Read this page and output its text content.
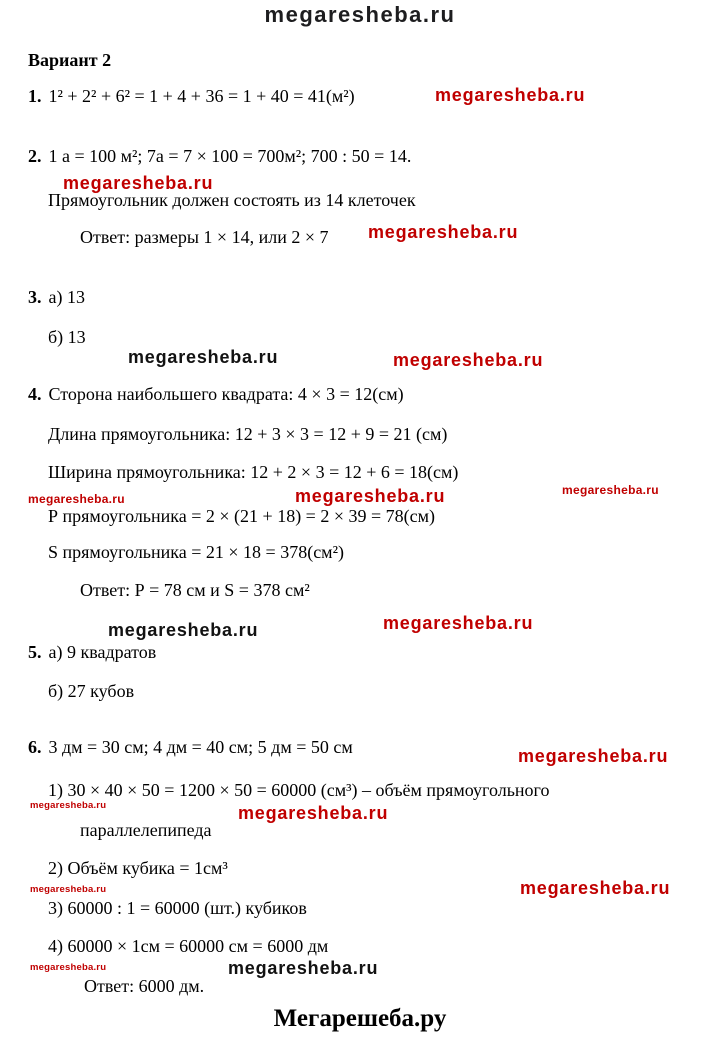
megaresheba.ru
Вариант 2
1. 1² + 2² + 6² = 1 + 4 + 36 = 1 + 40 = 41(м²)
2. 1 а = 100 м²; 7а = 7 × 100 = 700м²; 700 : 50 = 14.
Прямоугольник должен состоять из 14 клеточек
Ответ: размеры 1 × 14, или 2 × 7
3. а) 13
б) 13
4. Сторона наибольшего квадрата: 4 × 3 = 12(см)
Длина прямоугольника: 12 + 3 × 3 = 12 + 9 = 21 (см)
Ширина прямоугольника: 12 + 2 × 3 = 12 + 6 = 18(см)
Р прямоугольника = 2 × (21 + 18) = 2 × 39 = 78(см)
S прямоугольника = 21 × 18 = 378(см²)
Ответ: Р = 78 см и S = 378 см²
5. а) 9 квадратов
б) 27 кубов
6. 3 дм = 30 см; 4 дм = 40 см; 5 дм = 50 см
1) 30 × 40 × 50 = 1200 × 50 = 60000 (см³) – объём прямоугольного
параллелепипеда
2) Объём кубика = 1см³
3) 60000 : 1 = 60000 (шт.) кубиков
4) 60000 × 1см = 60000 см = 6000 дм
Ответ: 6000 дм.
megaresheba.ru
megaresheba.ru
megaresheba.ru
megaresheba.ru	megaresheba.ru
megaresheba.ru	megaresheba.ru	megaresheba.ru
megaresheba.ru	megaresheba.ru
megaresheba.ru
megaresheba.ru	megaresheba.ru
megaresheba.ru	megaresheba.ru
megaresheba.ru	megaresheba.ru
Мегарешеба.ру
